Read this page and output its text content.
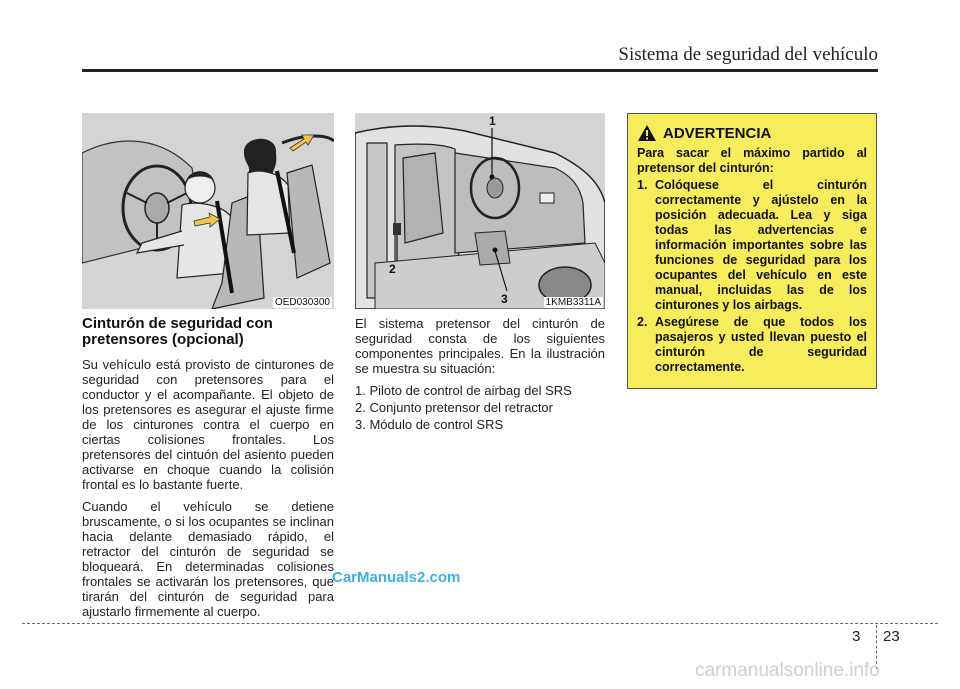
Sistema de seguridad del vehículo
OED030300
1
2
3	1KMB3311A
Cinturón de seguridad con pretensores (opcional)

Su vehículo está provisto de cinturones de seguridad con pretensores para el conductor y el acompañante. El objeto de los pretensores es asegurar el ajuste firme de los cinturones contra el cuerpo en ciertas colisiones frontales. Los pretensores del cintuón del asiento pueden activarse en choque cuando la colisión frontal es lo bastante fuerte.

Cuando el vehículo se detiene bruscamente, o si los ocupantes se inclinan hacia delante demasiado rápido, el retractor del cinturón de seguridad se bloqueará. En determinadas colisiones frontales se activarán los pretensores, que tirarán del cinturón de seguridad para ajustarlo firmemente al cuerpo.

El sistema pretensor del cinturón de seguridad consta de los siguientes componentes principales. En la ilustración se muestra su situación:

1. Piloto de control de airbag del SRS
2. Conjunto pretensor del retractor
3. Módulo de control SRS
ADVERTENCIA
Para sacar el máximo partido al pretensor del cinturón:
1. Colóquese el cinturón correctamente y ajústelo en la posición adecuada. Lea y siga todas las advertencias e información importantes sobre las funciones de seguridad para los ocupantes del vehículo en este manual, incluidas las de los cinturones y los airbags.
2. Asegúrese de que todos los pasajeros y usted llevan puesto el cinturón de seguridad correctamente.
CarManuals2.com
3 23
carmanualsonline.info
